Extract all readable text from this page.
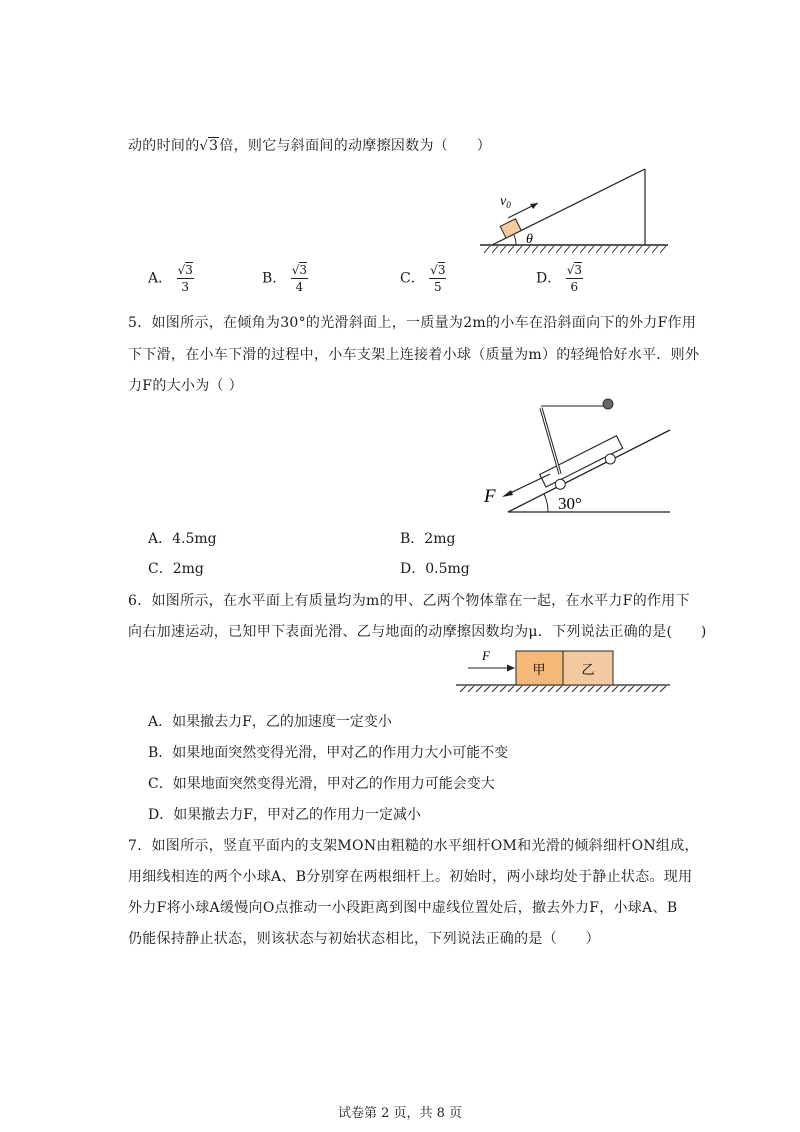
动的时间的√3倍，则它与斜面间的动摩擦因数为（　　）
$v_0$
θ
A． $\frac{√3}{3}$	B． $\frac{√3}{4}$	C． $\frac{√3}{5}$	D． $\frac{√3}{6}$
5．如图所示，在倾角为30°的光滑斜面上，一质量为2m的小车在沿斜面向下的外力F作用
下下滑，在小车下滑的过程中，小车支架上连接着小球（质量为m）的轻绳恰好水平．则外
力F的大小为（ ）
F	30°
A．4.5mg	B．2mg
C．2mg	D．0.5mg
6．如图所示，在水平面上有质量均为m的甲、乙两个物体靠在一起，在水平力F的作用下
向右加速运动，已知甲下表面光滑、乙与地面的动摩擦因数均为μ．下列说法正确的是(　　)
甲	乙
F
A．如果撤去力F，乙的加速度一定变小
B．如果地面突然变得光滑，甲对乙的作用力大小可能不变
C．如果地面突然变得光滑，甲对乙的作用力可能会变大
D．如果撤去力F，甲对乙的作用力一定减小
7．如图所示，竖直平面内的支架MON由粗糙的水平细杆OM和光滑的倾斜细杆ON组成，
用细线相连的两个小球A、B分别穿在两根细杆上。初始时，两小球均处于静止状态。现用
外力F将小球A缓慢向O点推动一小段距离到图中虚线位置处后，撤去外力F，小球A、B
仍能保持静止状态，则该状态与初始状态相比，下列说法正确的是（　　）
试卷第 2 页，共 8 页
